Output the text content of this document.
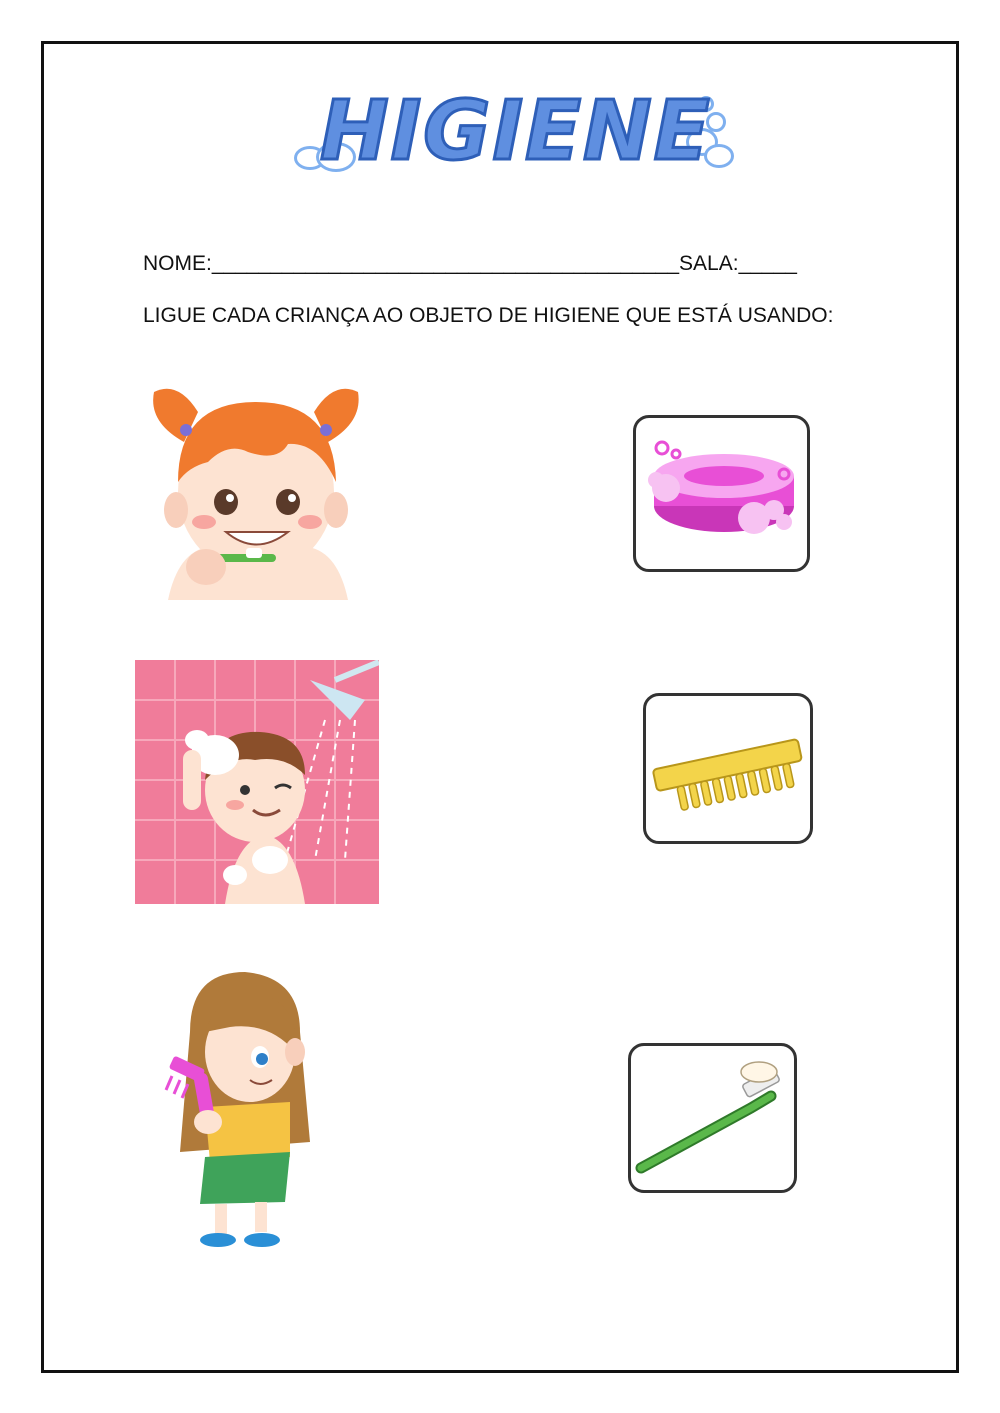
HIGIENE
NOME:________________________________________SALA:_____
LIGUE CADA CRIANÇA AO OBJETO DE HIGIENE QUE ESTÁ USANDO:
